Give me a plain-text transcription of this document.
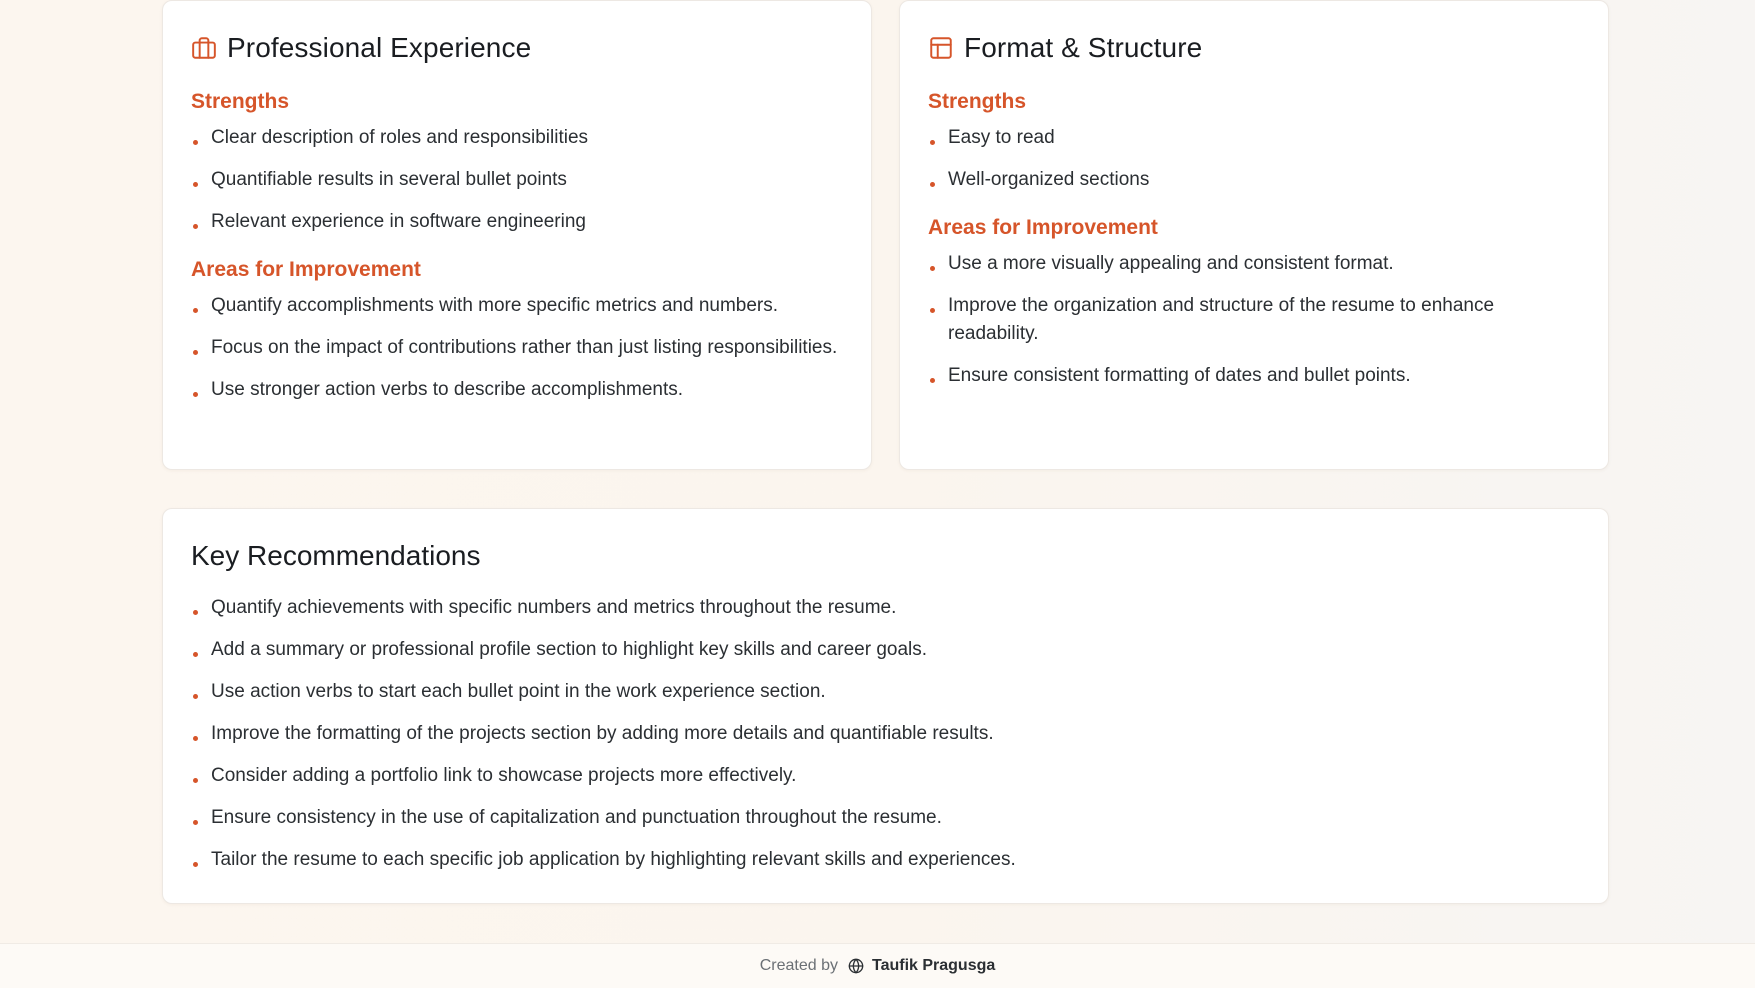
Professional Experience
Strengths
Clear description of roles and responsibilities
Quantifiable results in several bullet points
Relevant experience in software engineering
Areas for Improvement
Quantify accomplishments with more specific metrics and numbers.
Focus on the impact of contributions rather than just listing responsibilities.
Use stronger action verbs to describe accomplishments.
Format & Structure
Strengths
Easy to read
Well-organized sections
Areas for Improvement
Use a more visually appealing and consistent format.
Improve the organization and structure of the resume to enhance readability.
Ensure consistent formatting of dates and bullet points.
Key Recommendations
Quantify achievements with specific numbers and metrics throughout the resume.
Add a summary or professional profile section to highlight key skills and career goals.
Use action verbs to start each bullet point in the work experience section.
Improve the formatting of the projects section by adding more details and quantifiable results.
Consider adding a portfolio link to showcase projects more effectively.
Ensure consistency in the use of capitalization and punctuation throughout the resume.
Tailor the resume to each specific job application by highlighting relevant skills and experiences.
Created by Taufik Pragusga
